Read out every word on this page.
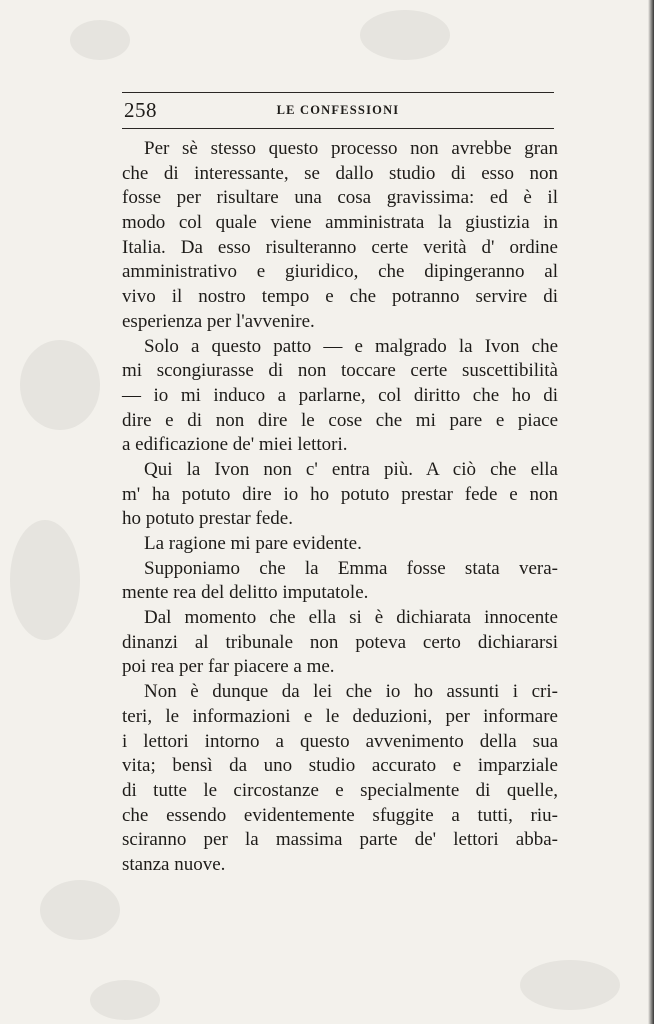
258	LE CONFESSIONI
Per sè stesso questo processo non avrebbe gran
che di interessante, se dallo studio di esso non
fosse per risultare una cosa gravissima: ed è il
modo col quale viene amministrata la giustizia in
Italia. Da esso risulteranno certe verità d' ordine
amministrativo e giuridico, che dipingeranno al
vivo il nostro tempo e che potranno servire di
esperienza per l'avvenire.
Solo a questo patto — e malgrado la Ivon che
mi scongiurasse di non toccare certe suscettibilità
— io mi induco a parlarne, col diritto che ho di
dire e di non dire le cose che mi pare e piace
a edificazione de' miei lettori.
Qui la Ivon non c' entra più. A ciò che ella
m' ha potuto dire io ho potuto prestar fede e non
ho potuto prestar fede.
La ragione mi pare evidente.
Supponiamo che la Emma fosse stata vera-
mente rea del delitto imputatole.
Dal momento che ella si è dichiarata innocente
dinanzi al tribunale non poteva certo dichiararsi
poi rea per far piacere a me.
Non è dunque da lei che io ho assunti i cri-
teri, le informazioni e le deduzioni, per informare
i lettori intorno a questo avvenimento della sua
vita; bensì da uno studio accurato e imparziale
di tutte le circostanze e specialmente di quelle,
che essendo evidentemente sfuggite a tutti, riu-
sciranno per la massima parte de' lettori abba-
stanza nuove.
